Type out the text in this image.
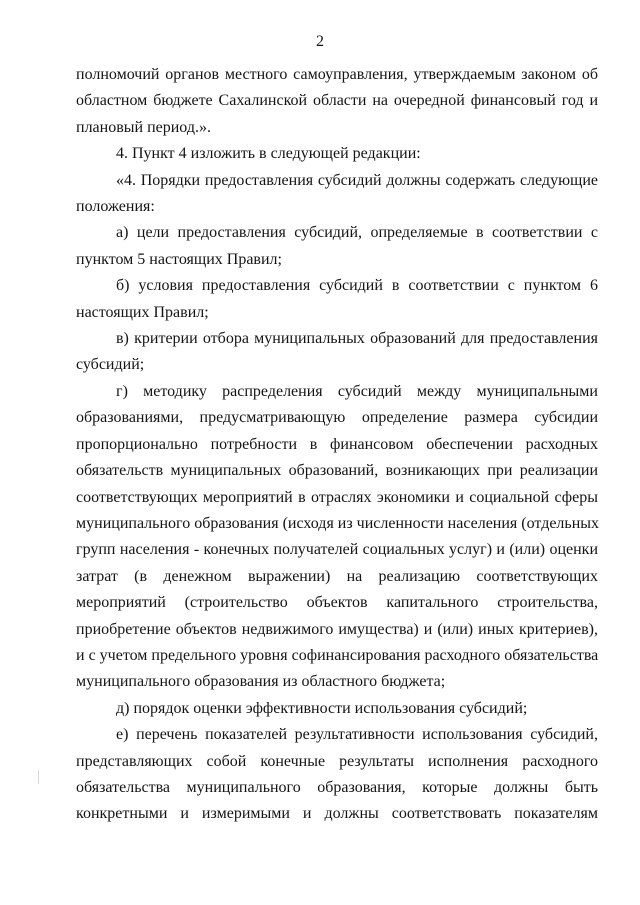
2
полномочий органов местного самоуправления, утверждаемым законом об
областном бюджете Сахалинской области на очередной финансовый год и
плановый период.».
4. Пункт 4 изложить в следующей редакции:
«4. Порядки предоставления субсидий должны содержать следующие
положения:
а) цели предоставления субсидий, определяемые в соответствии с
пунктом 5 настоящих Правил;
б) условия предоставления субсидий в соответствии с пунктом 6
настоящих Правил;
в) критерии отбора муниципальных образований для предоставления
субсидий;
г) методику распределения субсидий между муниципальными
образованиями, предусматривающую определение размера субсидии
пропорционально потребности в финансовом обеспечении расходных
обязательств муниципальных образований, возникающих при реализации
соответствующих мероприятий в отраслях экономики и социальной сферы
муниципального образования (исходя из численности населения (отдельных
групп населения - конечных получателей социальных услуг) и (или) оценки
затрат (в денежном выражении) на реализацию соответствующих
мероприятий (строительство объектов капитального строительства,
приобретение объектов недвижимого имущества) и (или) иных критериев),
и с учетом предельного уровня софинансирования расходного обязательства
муниципального образования из областного бюджета;
д) порядок оценки эффективности использования субсидий;
е) перечень показателей результативности использования субсидий,
представляющих собой конечные результаты исполнения расходного
обязательства муниципального образования, которые должны быть
конкретными и измеримыми и должны соответствовать показателям
